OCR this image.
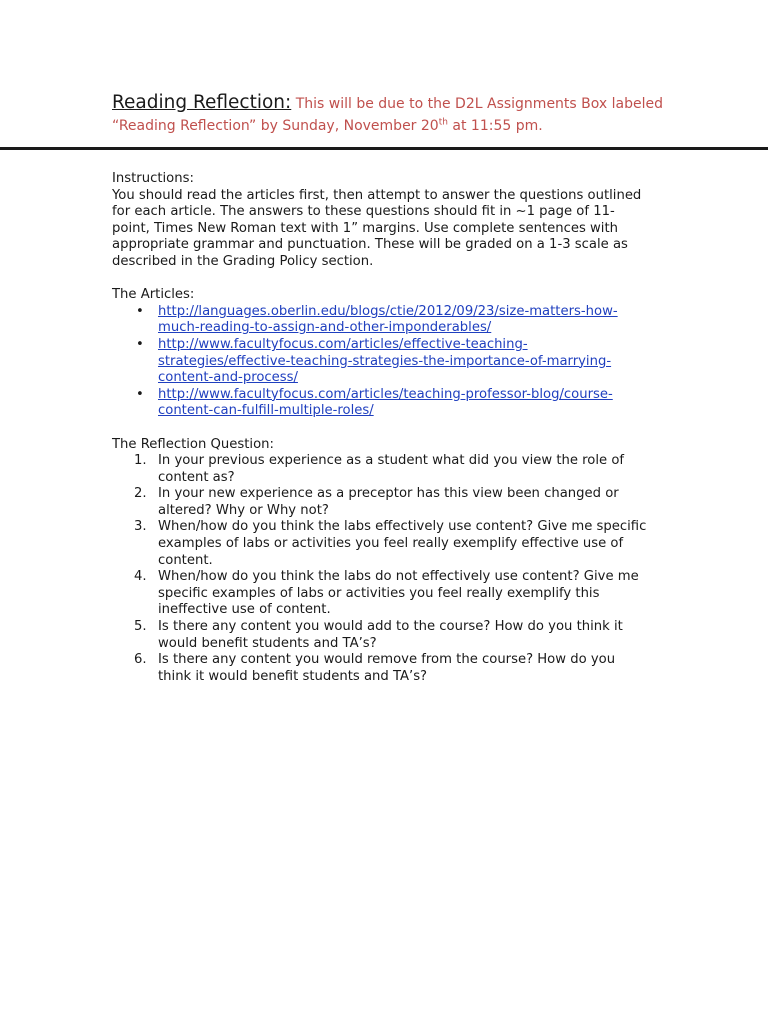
Reading Reflection: This will be due to the D2L Assignments Box labeled “Reading Reflection” by Sunday, November 20th at 11:55 pm.

Instructions:

You should read the articles first, then attempt to answer the questions outlined for each article. The answers to these questions should fit in ~1 page of 11-point, Times New Roman text with 1” margins. Use complete sentences with appropriate grammar and punctuation. These will be graded on a 1-3 scale as described in the Grading Policy section.

The Articles:

• http://languages.oberlin.edu/blogs/ctie/2012/09/23/size-matters-how-much-reading-to-assign-and-other-imponderables/
• http://www.facultyfocus.com/articles/effective-teaching-strategies/effective-teaching-strategies-the-importance-of-marrying-content-and-process/
• http://www.facultyfocus.com/articles/teaching-professor-blog/course-content-can-fulfill-multiple-roles/

The Reflection Question:

1. In your previous experience as a student what did you view the role of content as?
2. In your new experience as a preceptor has this view been changed or altered? Why or Why not?
3. When/how do you think the labs effectively use content? Give me specific examples of labs or activities you feel really exemplify effective use of content.
4. When/how do you think the labs do not effectively use content? Give me specific examples of labs or activities you feel really exemplify this ineffective use of content.
5. Is there any content you would add to the course? How do you think it would benefit students and TA’s?
6. Is there any content you would remove from the course? How do you think it would benefit students and TA’s?
